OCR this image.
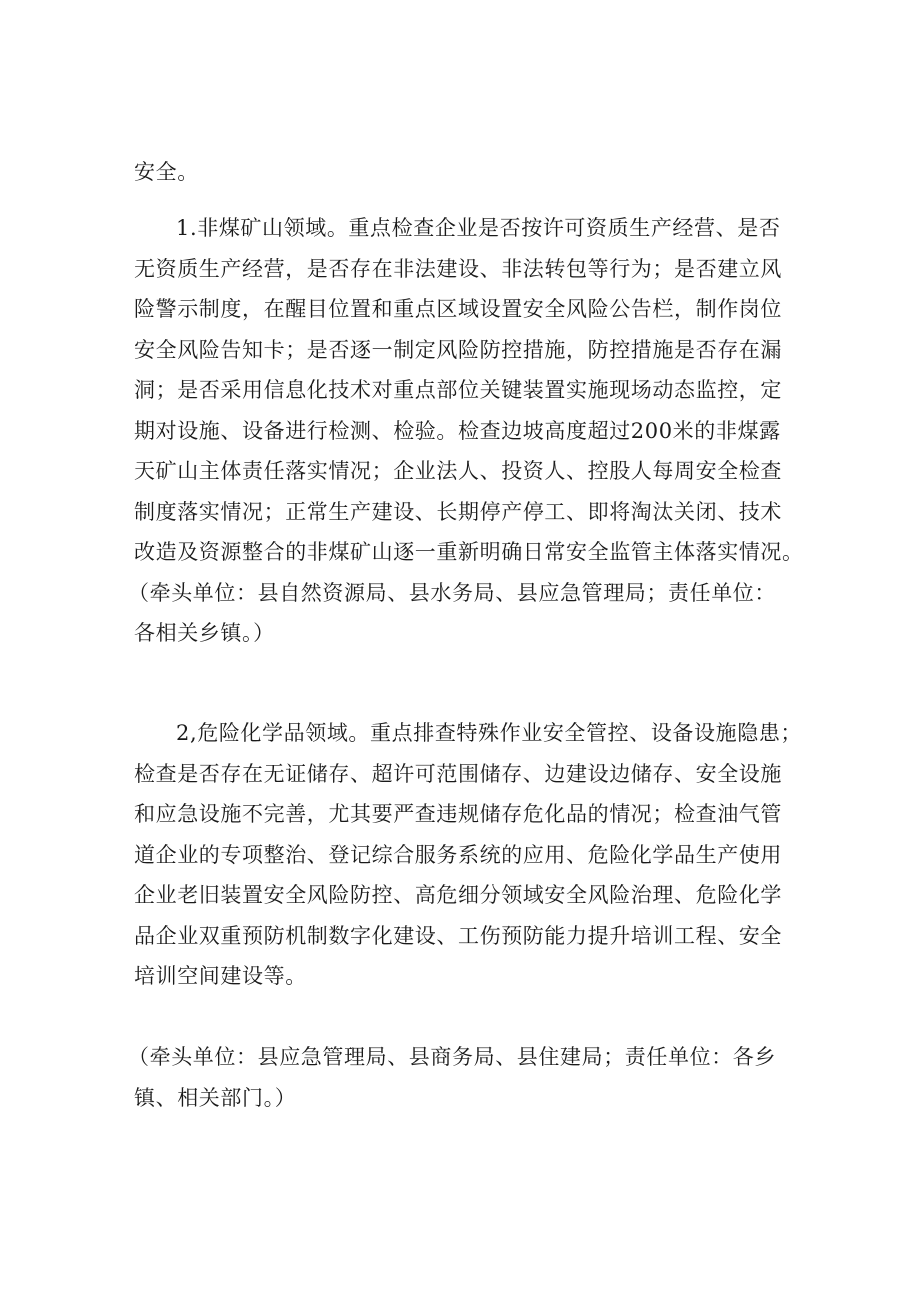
安全。
1.非煤矿山领域。重点检查企业是否按许可资质生产经营、是否
无资质生产经营，是否存在非法建设、非法转包等行为；是否建立风
险警示制度，在醒目位置和重点区域设置安全风险公告栏，制作岗位
安全风险告知卡；是否逐一制定风险防控措施，防控措施是否存在漏
洞；是否采用信息化技术对重点部位关键装置实施现场动态监控，定
期对设施、设备进行检测、检验。检查边坡高度超过200米的非煤露
天矿山主体责任落实情况；企业法人、投资人、控股人每周安全检查
制度落实情况；正常生产建设、长期停产停工、即将淘汰关闭、技术
改造及资源整合的非煤矿山逐一重新明确日常安全监管主体落实情况。
（牵头单位：县自然资源局、县水务局、县应急管理局；责任单位：
各相关乡镇。）
2,危险化学品领域。重点排查特殊作业安全管控、设备设施隐患；
检查是否存在无证储存、超许可范围储存、边建设边储存、安全设施
和应急设施不完善，尤其要严查违规储存危化品的情况；检查油气管
道企业的专项整治、登记综合服务系统的应用、危险化学品生产使用
企业老旧装置安全风险防控、高危细分领域安全风险治理、危险化学
品企业双重预防机制数字化建设、工伤预防能力提升培训工程、安全
培训空间建设等。
（牵头单位：县应急管理局、县商务局、县住建局；责任单位：各乡
镇、相关部门。）
